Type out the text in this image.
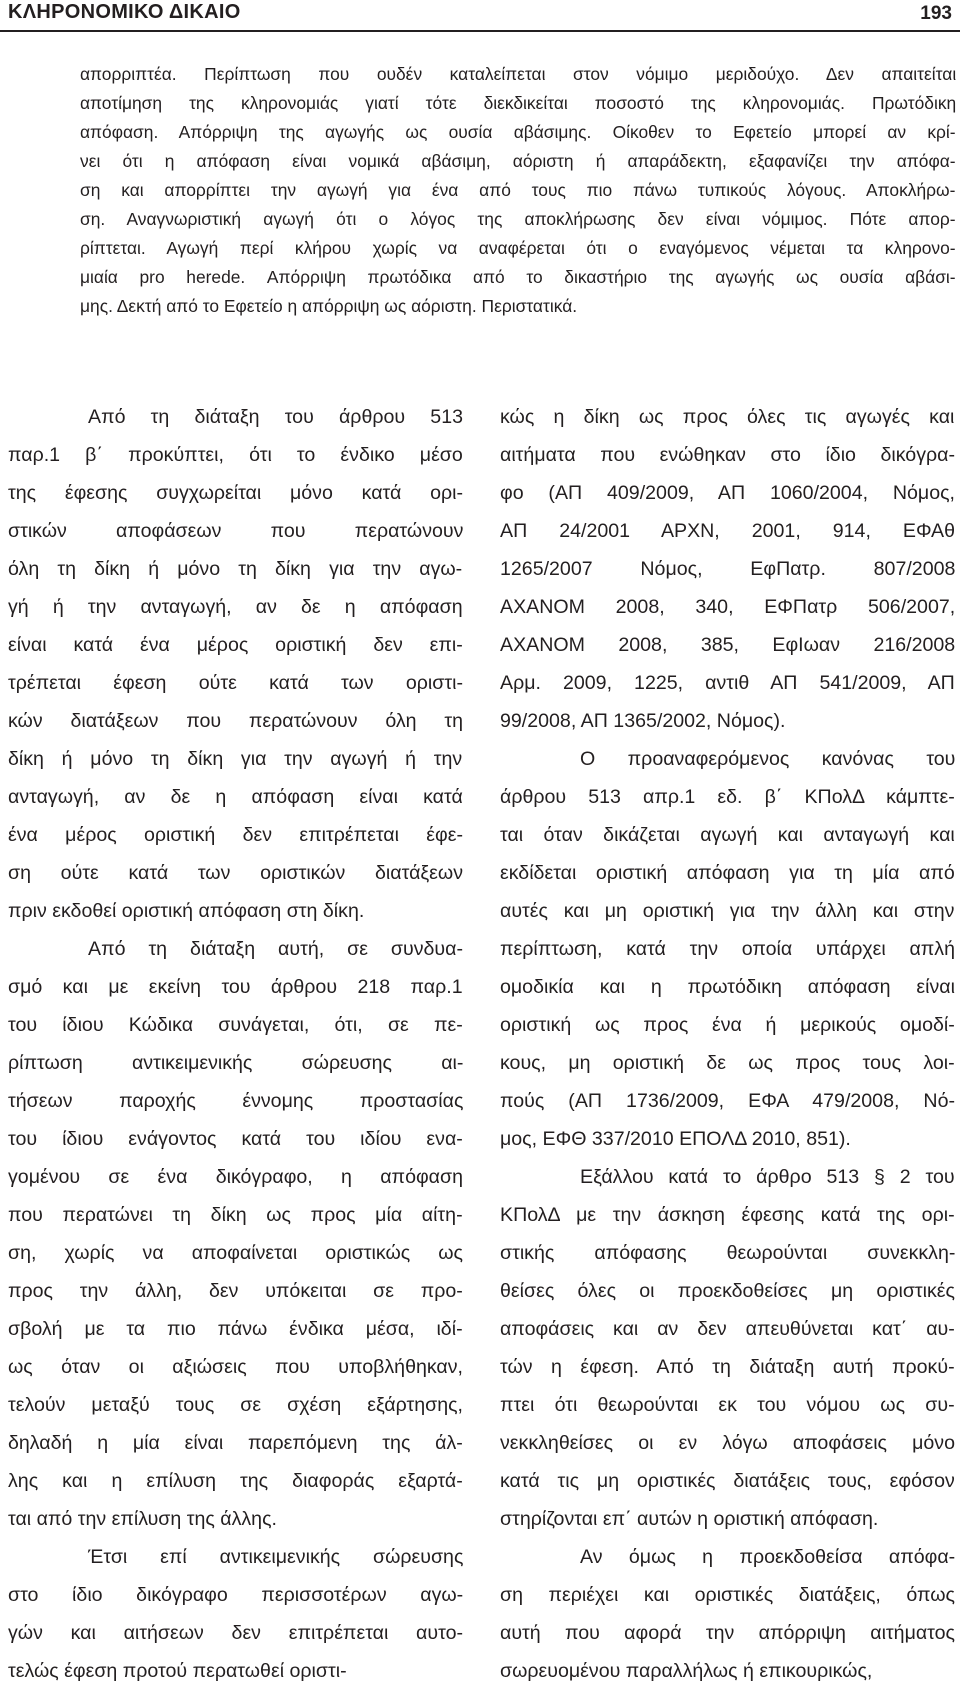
ΚΛΗΡΟΝΟΜΙΚΟ ΔΙΚΑΙΟ	193
απορριπτέα. Περίπτωση που ουδέν καταλείπεται στον νόμιμο μεριδούχο. Δεν απαιτείται
αποτίμηση της κληρονομιάς γιατί τότε διεκδικείται ποσοστό της κληρονομιάς. Πρωτόδικη
απόφαση. Απόρριψη της αγωγής ως ουσία αβάσιμης. Οίκοθεν το Εφετείο μπορεί αν κρί-
νει ότι η απόφαση είναι νομικά αβάσιμη, αόριστη ή απαράδεκτη, εξαφανίζει την απόφα-
ση και απορρίπτει την αγωγή για ένα από τους πιο πάνω τυπικούς λόγους. Αποκλήρω-
ση. Αναγνωριστική αγωγή ότι ο λόγος της αποκλήρωσης δεν είναι νόμιμος. Πότε απορ-
ρίπτεται. Αγωγή περί κλήρου χωρίς να αναφέρεται ότι ο εναγόμενος νέμεται τα κληρονο-
μιαία pro herede. Απόρριψη πρωτόδικα από το δικαστήριο της αγωγής ως ουσία αβάσι-
μης. Δεκτή από το Εφετείο η απόρριψη ως αόριστη. Περιστατικά.
Από τη διάταξη του άρθρου 513
παρ.1 β΄ προκύπτει, ότι το ένδικο μέσο
της έφεσης συγχωρείται μόνο κατά ορι-
στικών αποφάσεων που περατώνουν
όλη τη δίκη ή μόνο τη δίκη για την αγω-
γή ή την ανταγωγή, αν δε η απόφαση
είναι κατά ένα μέρος οριστική δεν επι-
τρέπεται έφεση ούτε κατά των οριστι-
κών διατάξεων που περατώνουν όλη τη
δίκη ή μόνο τη δίκη για την αγωγή ή την
ανταγωγή, αν δε η απόφαση είναι κατά
ένα μέρος οριστική δεν επιτρέπεται έφε-
ση ούτε κατά των οριστικών διατάξεων
πριν εκδοθεί οριστική απόφαση στη δίκη.
Από τη διάταξη αυτή, σε συνδυα-
σμό και με εκείνη του άρθρου 218 παρ.1
του ίδιου Κώδικα συνάγεται, ότι, σε πε-
ρίπτωση αντικειμενικής σώρευσης αι-
τήσεων παροχής έννομης προστασίας
του ίδιου ενάγοντος κατά του ιδίου ενα-
γομένου σε ένα δικόγραφο, η απόφαση
που περατώνει τη δίκη ως προς μία αίτη-
ση, χωρίς να αποφαίνεται οριστικώς ως
προς την άλλη, δεν υπόκειται σε προ-
σβολή με τα πιο πάνω ένδικα μέσα, ιδί-
ως όταν οι αξιώσεις που υποβλήθηκαν,
τελούν μεταξύ τους σε σχέση εξάρτησης,
δηλαδή η μία είναι παρεπόμενη της άλ-
λης και η επίλυση της διαφοράς εξαρτά-
ται από την επίλυση της άλλης.
Έτσι επί αντικειμενικής σώρευσης
στο ίδιο δικόγραφο περισσοτέρων αγω-
γών και αιτήσεων δεν επιτρέπεται αυτο-
τελώς έφεση προτού περατωθεί οριστι-
κώς η δίκη ως προς όλες τις αγωγές και
αιτήματα που ενώθηκαν στο ίδιο δικόγρα-
φο (ΑΠ 409/2009, ΑΠ 1060/2004, Νόμος,
ΑΠ 24/2001 ΑΡΧΝ, 2001, 914, ΕΦΑθ
1265/2007 Νόμος, ΕφΠατρ. 807/2008
ΑΧΑΝΟΜ 2008, 340, ΕΦΠατρ 506/2007,
ΑΧΑΝΟΜ 2008, 385, ΕφΙωαν 216/2008
Αρμ. 2009, 1225, αντιθ ΑΠ 541/2009, ΑΠ
99/2008, ΑΠ 1365/2002, Νόμος).
Ο προαναφερόμενος κανόνας του
άρθρου 513 απρ.1 εδ. β΄ ΚΠολΔ κάμπτε-
ται όταν δικάζεται αγωγή και ανταγωγή και
εκδίδεται οριστική απόφαση για τη μία από
αυτές και μη οριστική για την άλλη και στην
περίπτωση, κατά την οποία υπάρχει απλή
ομοδικία και η πρωτόδικη απόφαση είναι
οριστική ως προς ένα ή μερικούς ομοδί-
κους, μη οριστική δε ως προς τους λοι-
πούς (ΑΠ 1736/2009, ΕΦΑ 479/2008, Νό-
μος, ΕΦΘ 337/2010 ΕΠΟΛΔ 2010, 851).
Εξάλλου κατά το άρθρο 513 § 2 του
ΚΠολΔ με την άσκηση έφεσης κατά της ορι-
στικής απόφασης θεωρούνται συνεκκλη-
θείσες όλες οι προεκδοθείσες μη οριστικές
αποφάσεις και αν δεν απευθύνεται κατ΄ αυ-
τών η έφεση. Από τη διάταξη αυτή προκύ-
πτει ότι θεωρούνται εκ του νόμου ως συ-
νεκκληθείσες οι εν λόγω αποφάσεις μόνο
κατά τις μη οριστικές διατάξεις τους, εφόσον
στηρίζονται επ΄ αυτών η οριστική απόφαση.
Αν όμως η προεκδοθείσα απόφα-
ση περιέχει και οριστικές διατάξεις, όπως
αυτή που αφορά την απόρριψη αιτήματος
σωρευομένου παραλλήλως ή επικουρικώς,
